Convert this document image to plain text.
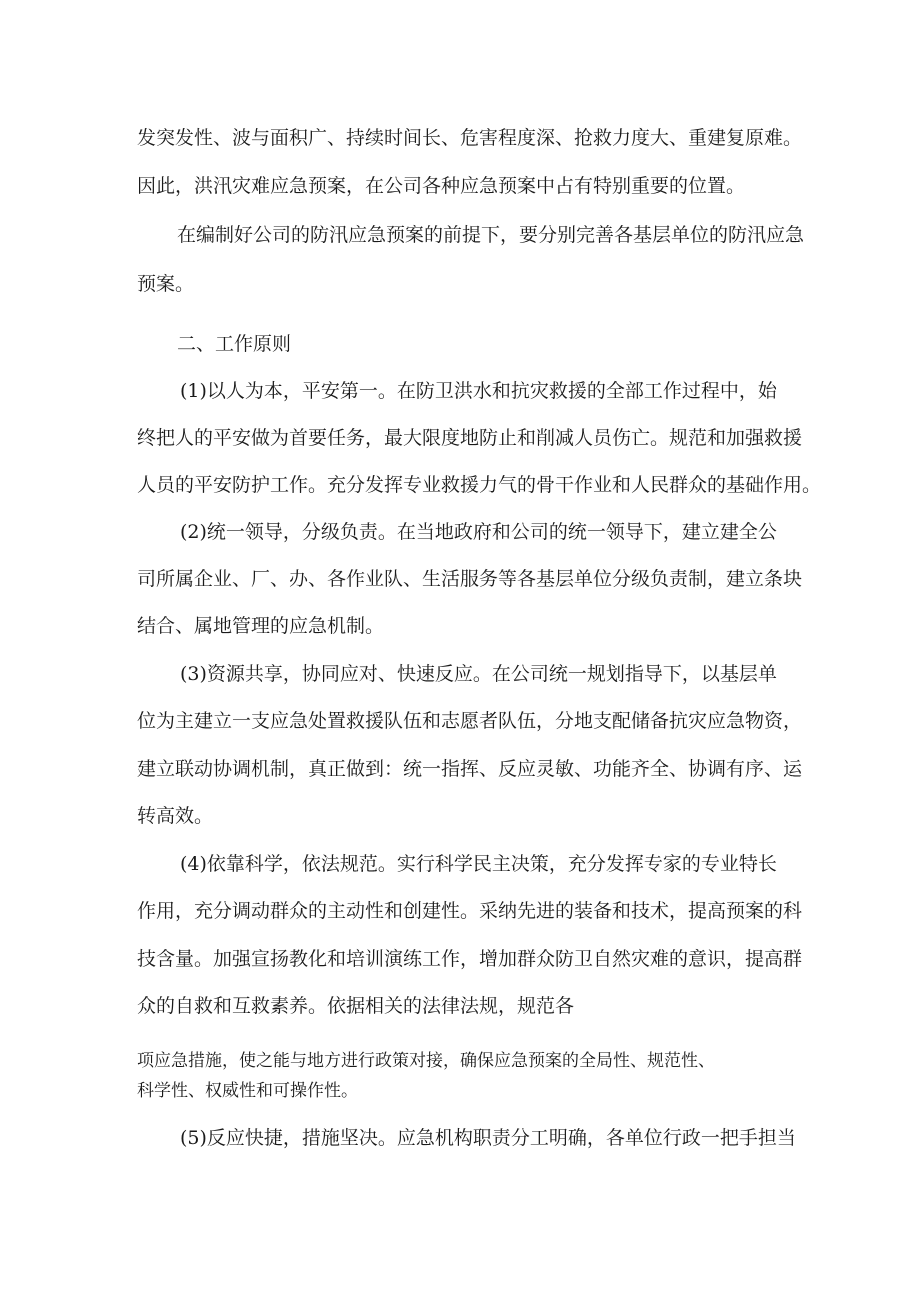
发突发性、波与面积广、持续时间长、危害程度深、抢救力度大、重建复原难。
因此，洪汛灾难应急预案，在公司各种应急预案中占有特别重要的位置。
在编制好公司的防汛应急预案的前提下，要分别完善各基层单位的防汛应急
预案。
二、工作原则
(1)以人为本，平安第一。在防卫洪水和抗灾救援的全部工作过程中，始
终把人的平安做为首要任务，最大限度地防止和削减人员伤亡。规范和加强救援
人员的平安防护工作。充分发挥专业救援力气的骨干作业和人民群众的基础作用。
(2)统一领导，分级负责。在当地政府和公司的统一领导下，建立建全公
司所属企业、厂、办、各作业队、生活服务等各基层单位分级负责制，建立条块
结合、属地管理的应急机制。
(3)资源共享，协同应对、快速反应。在公司统一规划指导下，以基层单
位为主建立一支应急处置救援队伍和志愿者队伍，分地支配储备抗灾应急物资，
建立联动协调机制，真正做到：统一指挥、反应灵敏、功能齐全、协调有序、运
转高效。
(4)依靠科学，依法规范。实行科学民主决策，充分发挥专家的专业特长
作用，充分调动群众的主动性和创建性。采纳先进的装备和技术，提高预案的科
技含量。加强宣扬教化和培训演练工作，增加群众防卫自然灾难的意识，提高群
众的自救和互救素养。依据相关的法律法规，规范各
项应急措施，使之能与地方进行政策对接，确保应急预案的全局性、规范性、
科学性、权威性和可操作性。
(5)反应快捷，措施坚决。应急机构职责分工明确，各单位行政一把手担当
